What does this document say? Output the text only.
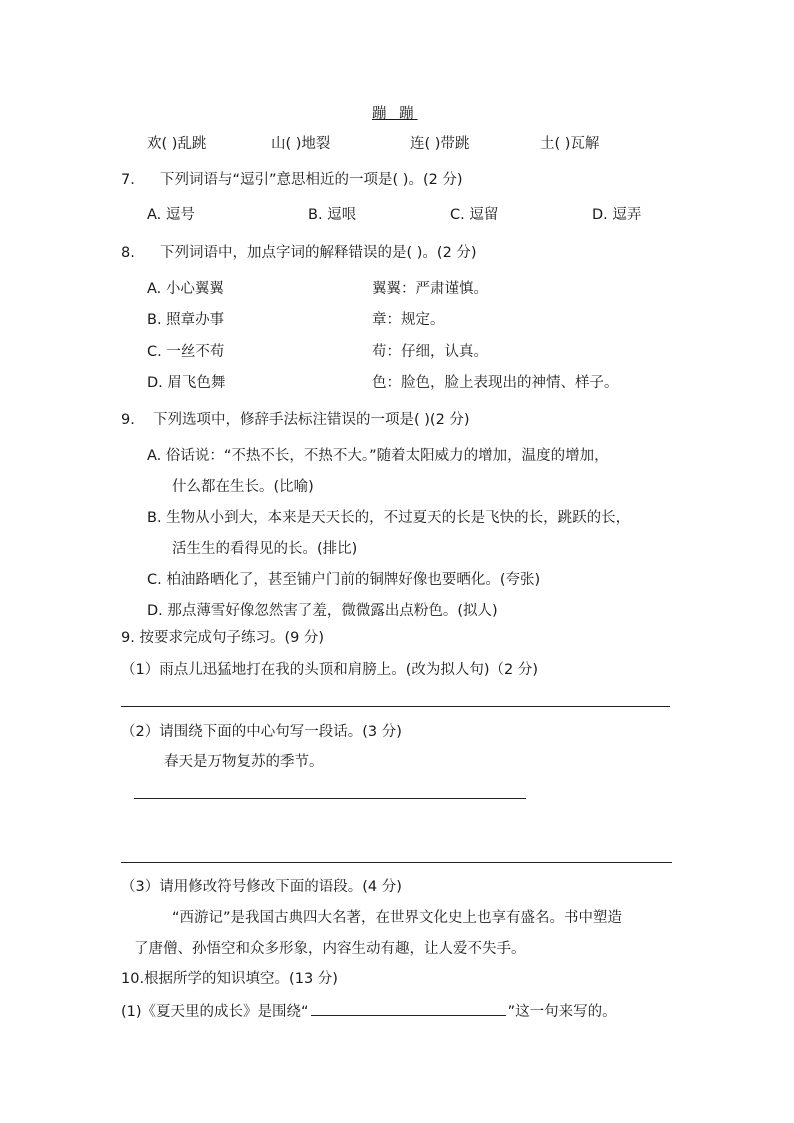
蹦 蹦
欢( )乱跳	山( )地裂	连( )带跳	土( )瓦解
7. 下列词语与“逗引”意思相近的一项是( )。(2 分)
A. 逗号	B. 逗哏	C. 逗留	D. 逗弄
8. 下列词语中，加点字词的解释错误的是( )。(2 分)
A. 小心翼翼	翼翼：严肃谨慎。
B. 照章办事	章：规定。
C. 一丝不苟	苟：仔细，认真。
D. 眉飞色舞	色：脸色，脸上表现出的神情、样子。
9. 下列选项中，修辞手法标注错误的一项是( )(2 分)
A. 俗话说：“不热不长，不热不大。”随着太阳威力的增加，温度的增加，
什么都在生长。(比喻)
B. 生物从小到大，本来是天天长的，不过夏天的长是飞快的长，跳跃的长，
活生生的看得见的长。(排比)
C. 柏油路晒化了，甚至铺户门前的铜牌好像也要晒化。(夸张)
D. 那点薄雪好像忽然害了羞，微微露出点粉色。(拟人)
9. 按要求完成句子练习。(9 分)
（1）雨点儿迅猛地打在我的头顶和肩膀上。(改为拟人句)（2 分)
（2）请围绕下面的中心句写一段话。(3 分)
春天是万物复苏的季节。
（3）请用修改符号修改下面的语段。(4 分)
“西游记”是我国古典四大名著，在世界文化史上也享有盛名。书中塑造
了唐僧、孙悟空和众多形象，内容生动有趣，让人爱不失手。
10.根据所学的知识填空。(13 分)
(1)《夏天里的成长》是围绕“	”这一句来写的。
